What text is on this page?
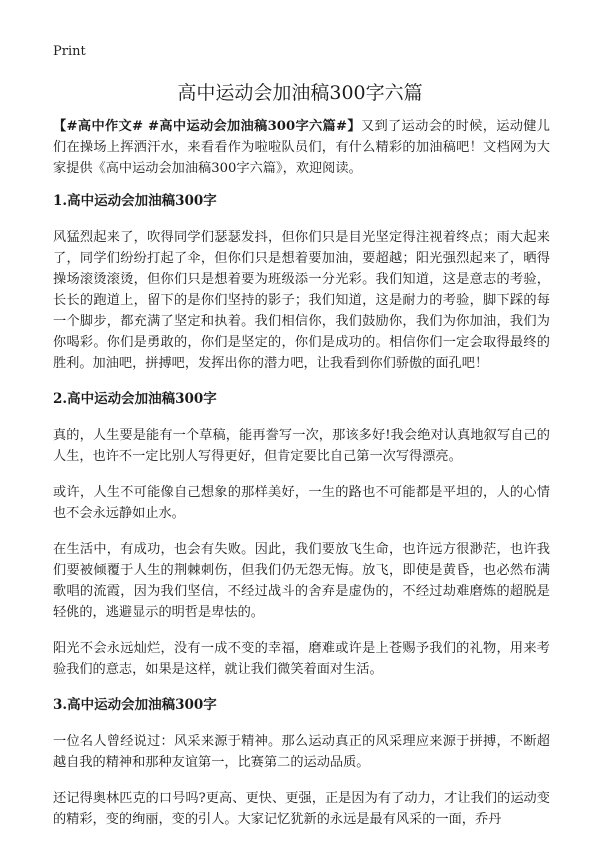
Print
高中运动会加油稿300字六篇

【#高中作文# #高中运动会加油稿300字六篇#】又到了运动会的时候，运动健儿们在操场上挥洒汗水，来看看作为啦啦队员们，有什么精彩的加油稿吧！文档网为大家提供《高中运动会加油稿300字六篇》，欢迎阅读。

1.高中运动会加油稿300字

风猛烈起来了，吹得同学们瑟瑟发抖，但你们只是目光坚定得注视着终点；雨大起来了，同学们纷纷打起了伞，但你们只是想着要加油，要超越；阳光强烈起来了，晒得操场滚烫滚烫，但你们只是想着要为班级添一分光彩。我们知道，这是意志的考验，长长的跑道上，留下的是你们坚持的影子；我们知道，这是耐力的考验，脚下踩的每一个脚步，都充满了坚定和执着。我们相信你，我们鼓励你，我们为你加油，我们为你喝彩。你们是勇敢的，你们是坚定的，你们是成功的。相信你们一定会取得最终的胜利。加油吧，拼搏吧，发挥出你的潜力吧，让我看到你们骄傲的面孔吧！

2.高中运动会加油稿300字

真的，人生要是能有一个草稿，能再誊写一次，那该多好!我会绝对认真地叙写自己的人生，也许不一定比别人写得更好，但肯定要比自己第一次写得漂亮。

或许，人生不可能像自己想象的那样美好，一生的路也不可能都是平坦的，人的心情也不会永远静如止水。

在生活中，有成功，也会有失败。因此，我们要放飞生命，也许远方很渺茫，也许我们要被倾覆于人生的荆棘刺伤，但我们仍无怨无悔。放飞，即使是黄昏，也必然布满歌唱的流霞，因为我们坚信，不经过战斗的舍弃是虚伪的，不经过劫难磨炼的超脱是轻佻的，逃避显示的明哲是卑怯的。

阳光不会永远灿烂，没有一成不变的幸福，磨难或许是上苍赐予我们的礼物，用来考验我们的意志，如果是这样，就让我们微笑着面对生活。

3.高中运动会加油稿300字

一位名人曾经说过：风采来源于精神。那么运动真正的风采理应来源于拼搏，不断超越自我的精神和那种友谊第一，比赛第二的运动品质。

还记得奥林匹克的口号吗?更高、更快、更强，正是因为有了动力，才让我们的运动变的精彩，变的绚丽，变的引人。大家记忆犹新的永远是最有风采的一面，乔丹
